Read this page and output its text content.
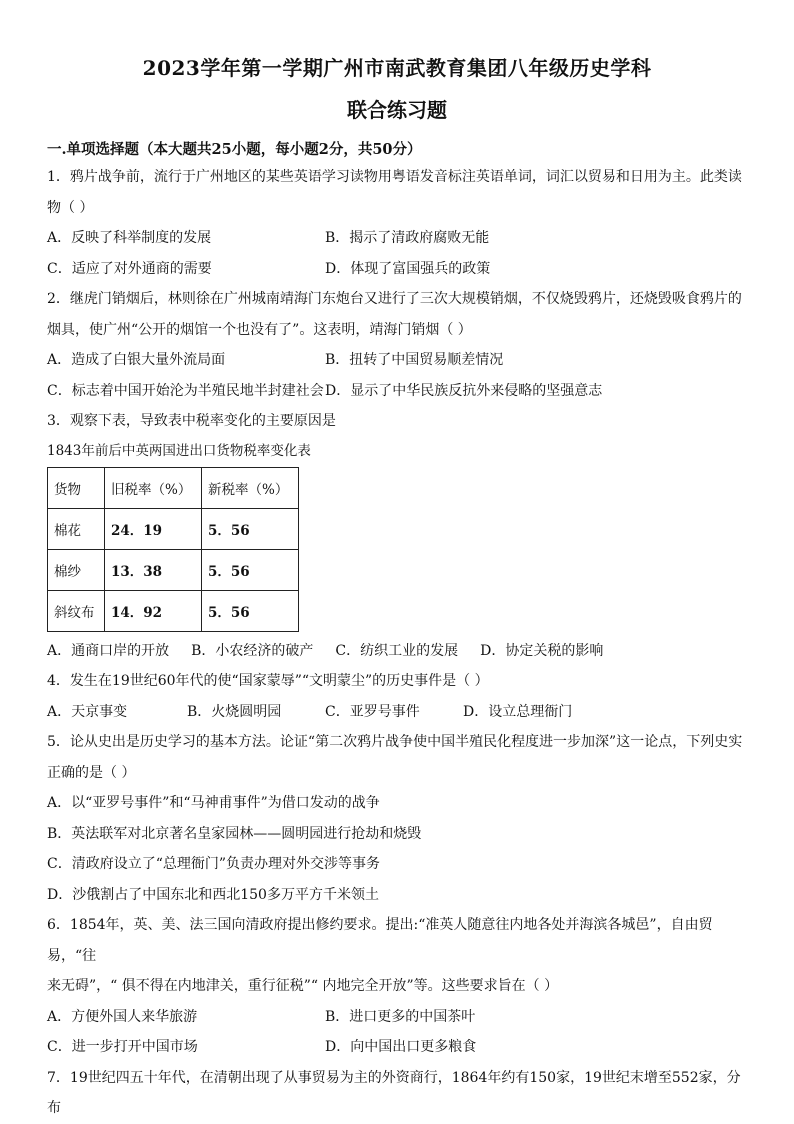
2023学年第一学期广州市南武教育集团八年级历史学科
联合练习题
一.单项选择题（本大题共25小题，每小题2分，共50分）

1．鸦片战争前，流行于广州地区的某些英语学习读物用粤语发音标注英语单词，词汇以贸易和日用为主。此类读

物（ ）

A．反映了科举制度的发展	B．揭示了清政府腐败无能
C．适应了对外通商的需要	D．体现了富国强兵的政策

2．继虎门销烟后，林则徐在广州城南靖海门东炮台又进行了三次大规模销烟，不仅烧毁鸦片，还烧毁吸食鸦片的

烟具，使广州“公开的烟馆一个也没有了”。这表明，靖海门销烟（ ）

A．造成了白银大量外流局面	B．扭转了中国贸易顺差情况
C．标志着中国开始沦为半殖民地半封建社会 D．显示了中华民族反抗外来侵略的坚强意志

3．观察下表，导致表中税率变化的主要原因是

1843年前后中英两国进出口货物税率变化表
货物	旧税率（%）	新税率（%）
棉花	24．19	5．56
棉纱	13．38	5．56
斜纹布	14．92	5．56
A．通商口岸的开放 B．小农经济的破产 C．纺织工业的发展 D．协定关税的影响

4．发生在19世纪60年代的使“国家蒙辱”“文明蒙尘”的历史事件是（ ）

A．天京事变	B．火烧圆明园	C．亚罗号事件	D．设立总理衙门

5．论从史出是历史学习的基本方法。论证“第二次鸦片战争使中国半殖民化程度进一步加深”这一论点，下列史实

正确的是（ ）

A．以“亚罗号事件”和“马神甫事件”为借口发动的战争

B．英法联军对北京著名皇家园林——圆明园进行抢劫和烧毁

C．清政府设立了“总理衙门”负责办理对外交涉等事务

D．沙俄割占了中国东北和西北150多万平方千米领土

6．1854年，英、美、法三国向清政府提出修约要求。提出:“准英人随意往内地各处并海滨各城邑”，自由贸易，“往

来无碍”，“ 俱不得在内地津关，重行征税”“ 内地完全开放”等。这些要求旨在（ ）

A．方便外国人来华旅游	B．进口更多的中国茶叶
C．进一步打开中国市场	D．向中国出口更多粮食

7．19世纪四五十年代，在清朝出现了从事贸易为主的外资商行，1864年约有150家，19世纪末增至552家，分布
